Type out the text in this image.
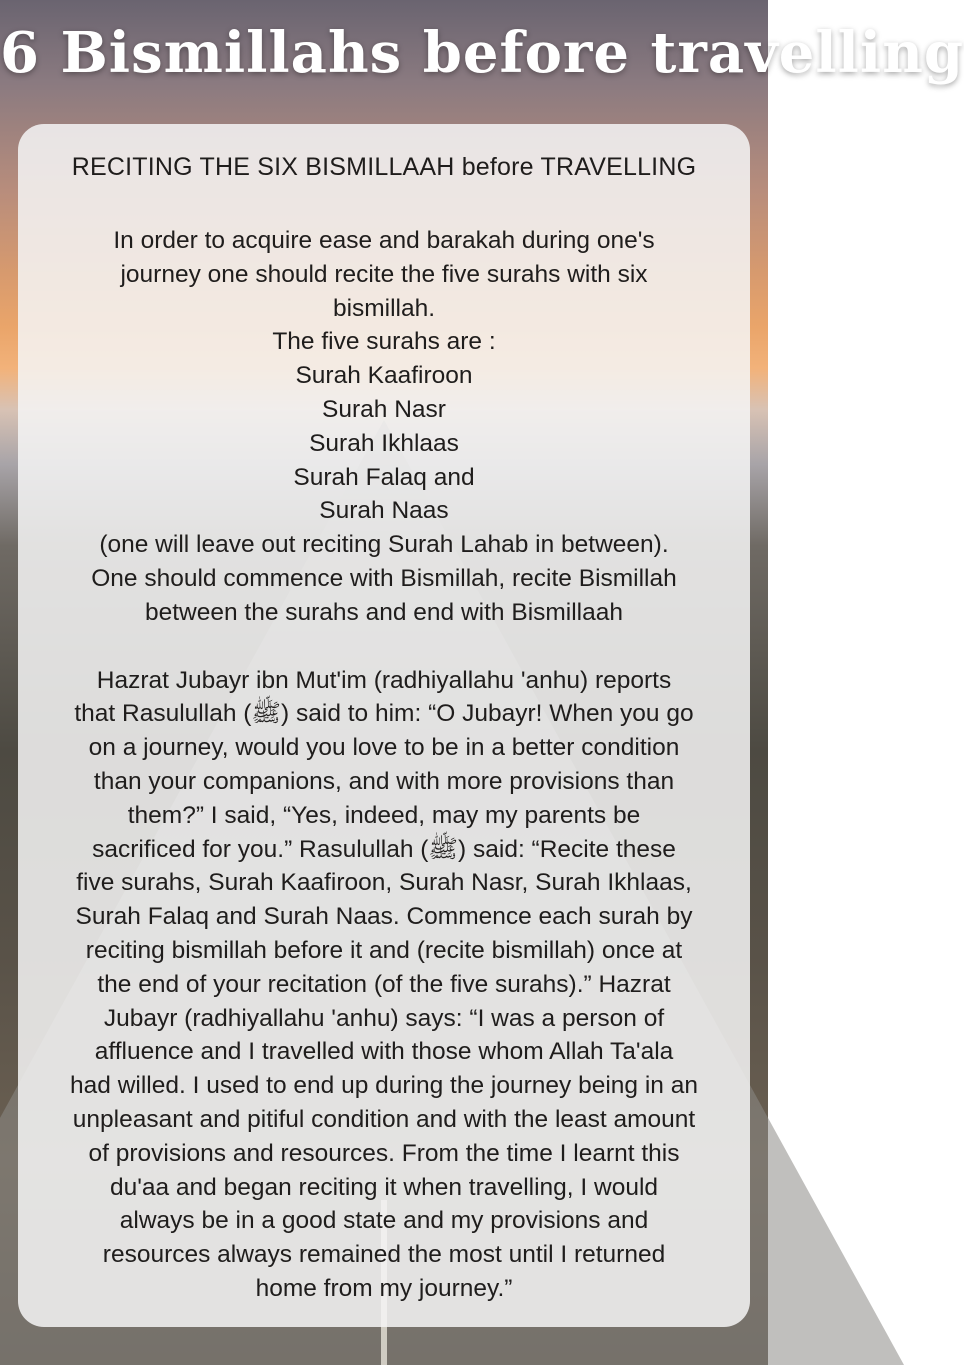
6 Bismillahs before travelling

RECITING THE SIX BISMILLAAH before TRAVELLING

In order to acquire ease and barakah during one's
journey one should recite the five surahs with six
bismillah.
The five surahs are :
Surah Kaafiroon
Surah Nasr
Surah Ikhlaas
Surah Falaq and
Surah Naas
(one will leave out reciting Surah Lahab in between).
One should commence with Bismillah, recite Bismillah
between the surahs and end with Bismillaah
Hazrat Jubayr ibn Mut'im (radhiyallahu 'anhu) reports
that Rasulullah (ﷺ) said to him: “O Jubayr! When you go
on a journey, would you love to be in a better condition
than your companions, and with more provisions than
them?” I said, “Yes, indeed, may my parents be
sacrificed for you.” Rasulullah (ﷺ) said: “Recite these
five surahs, Surah Kaafiroon, Surah Nasr, Surah Ikhlaas,
Surah Falaq and Surah Naas. Commence each surah by
reciting bismillah before it and (recite bismillah) once at
the end of your recitation (of the five surahs).” Hazrat
Jubayr (radhiyallahu 'anhu) says: “I was a person of
affluence and I travelled with those whom Allah Ta'ala
had willed. I used to end up during the journey being in an
unpleasant and pitiful condition and with the least amount
of provisions and resources. From the time I learnt this
du'aa and began reciting it when travelling, I would
always be in a good state and my provisions and
resources always remained the most until I returned
home from my journey.”
